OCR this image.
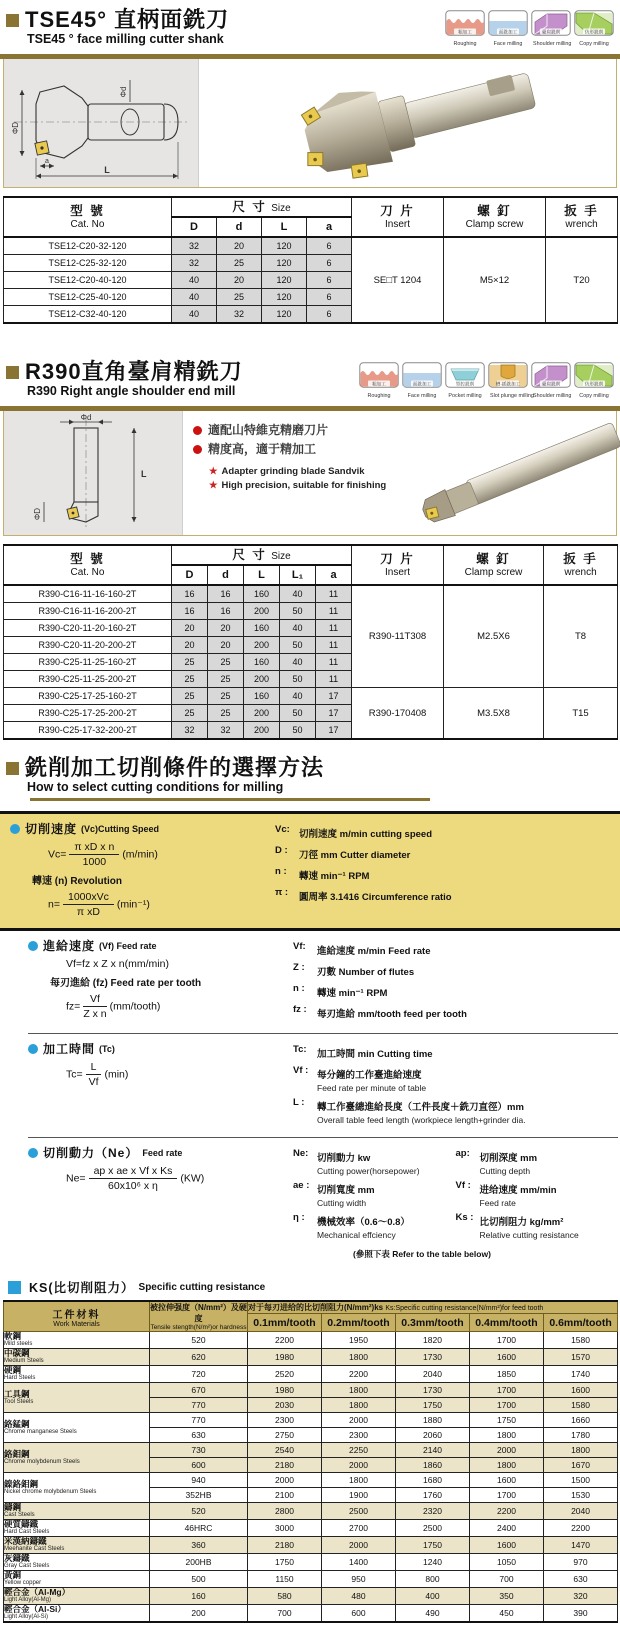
TSE45° 直柄面銑刀
TSE45 ° face milling cutter shank
粗加工
Roughing
面銑加工
Face milling
臺肩銑削
Shoulder milling
仿形銑削
Copy milling
ΦD
Φd
a
L
型 號
Cat. No
	尺 寸 Size	刀 片
Insert

螺 釘
Clamp screw

扳 手
wrench

	D	d	L	a			
TSE12-C20-32-120	32	20	120	6	SE□T 1204	M5×12	T20
TSE12-C25-32-120	32	25	120	6			
TSE12-C20-40-120	40	20	120	6			
TSE12-C25-40-120	40	25	120	6			
TSE12-C32-40-120	40	32	120	6			
R390直角臺肩精銑刀
R390 Right angle shoulder end mill
粗加工
Roughing
面銑加工
Face milling
型腔銑削
Pocket milling
槽·插銑加工
Slot plunge milling
臺肩銑削
Shoulder milling
仿形銑削
Copy milling
Φd
ΦD
L
適配山特維克精磨刀片
精度高，適于精加工
★ Adapter grinding blade Sandvik
★ High precision, suitable for finishing
型 號
Cat. No
	尺 寸 Size	刀 片
Insert

螺 釘
Clamp screw

扳 手
wrench

	D	d	L	L₁	a			
R390-C16-11-16-160-2T	16	16	160	40	11	R390-11T308	M2.5X6	T8
R390-C16-11-16-200-2T	16	16	200	50	11			
R390-C20-11-20-160-2T	20	20	160	40	11			
R390-C20-11-20-200-2T	20	20	200	50	11			
R390-C25-11-25-160-2T	25	25	160	40	11			
R390-C25-11-25-200-2T	25	25	200	50	11			
R390-C25-17-25-160-2T	25	25	160	40	17	R390-170408	M3.5X8	T15
R390-C25-17-25-200-2T	25	25	200	50	17			
R390-C25-17-32-200-2T	32	32	200	50	17			
銑削加工切削條件的選擇方法
How to select cutting conditions for milling
切削速度 (Vc)Cutting Speed
$Vc= \frac{\text{π xD x n}}{1000} (m/\min)$
轉速 (n) Revolution
$n= \frac{\text{1000xVc}}{\text{π xD}} (\min^{-1})$
Vc: 切削速度 m/min cutting speed
D :	刀徑 mm Cutter diameter
n :	轉速 min⁻¹ RPM
π :	圓周率 3.1416 Circumference ratio
進給速度 (Vf) Feed rate
Vf=fz x Z x n(mm/min)
每刃進給 (fz) Feed rate per tooth
$fz= \frac{Vf}{\text{Z x n}}$ (mm/tooth)
Vf:	進給速度 m/min Feed rate
Z :	刃數 Number of flutes
n :	轉速 min⁻¹ RPM
fz :	每刃進給 mm/tooth feed per tooth
加工時間 (Tc)
$Tc= \frac{L}{Vf} (\min)$
Tc:	加工時間 min Cutting time
Vf : 每分鐘的工作臺進給速度
Feed rate per minute of table
L :	轉工作臺總進給長度（工件長度＋銑刀直徑）mm
Overall table feed length (workpiece length+grinder dia.
切削動力（Ne） Feed rate
$Ne= \frac{\text{ap x ae x Vf x Ks}}{\text{60x10⁶ x η}} (KW)$
Ne: 切削動力 kw
Cutting power(horsepower)
ap:	切削深度 mm
Cutting depth
ae : 切削寬度 mm
Cutting width
Vf : 进给速度 mm/min
Feed rate
η :	機械效率（0.6～0.8）
Mechanical effciency
Ks : 比切削阻力 kg/mm²
Relative cutting resistance
(參照下表 Refer to the table below)
KS(比切削阻力） Specific cutting resistance
工件材料
Work Materials

被拉伸强度（N/mm²）及硬度
Tensile stength(N/m²)or hardness
	对于每刃进给的比切削阻力(N/mm²)ks Ks:Specific cutting resistance(N/mm²)for feed tooth
		0.1mm/tooth	0.2mm/tooth	0.3mm/tooth	0.4mm/tooth	0.6mm/tooth

軟鋼
Mild steels	520	2200	1950	1820	1700	1580

中碳鋼
Medium Steels	620	1980	1800	1730	1600	1570

硬鋼
Hard Steels	720	2520	2200	2040	1850	1740

工具鋼
Tool Steels	670	1980	1800	1730	1700	1600
	770	2030	1800	1750	1700	1580

鉻錳鋼
Chrome manganese Steels	770	2300	2000	1880	1750	1660
	630	2750	2300	2060	1800	1780

鉻鉬鋼
Chrome molybdenum Steels	730	2540	2250	2140	2000	1800
	600	2180	2000	1860	1800	1670

鎳鉻鉬鋼
Nickel chrome molybdenum Steels	940	2000	1800	1680	1600	1500
	352HB	2100	1900	1760	1700	1530

鑄鋼
Cast Steels	520	2800	2500	2320	2200	2040

硬質鑄鐵
Hard Cast Steels	46HRC	3000	2700	2500	2400	2200

米漢納鑄鐵
Meehanite Cast Steels	360	2180	2000	1750	1600	1470

灰鑄鐵
Gray Cast Steels	200HB	1750	1400	1240	1050	970

黃銅
Yellow copper	500	1150	950	800	700	630

輕合金（Al-Mg）
Light Alloy(Al-Mg)	160	580	480	400	350	320

輕合金（Al-Si）
Light Alloy(Al-Si)	200	700	600	490	450	390
